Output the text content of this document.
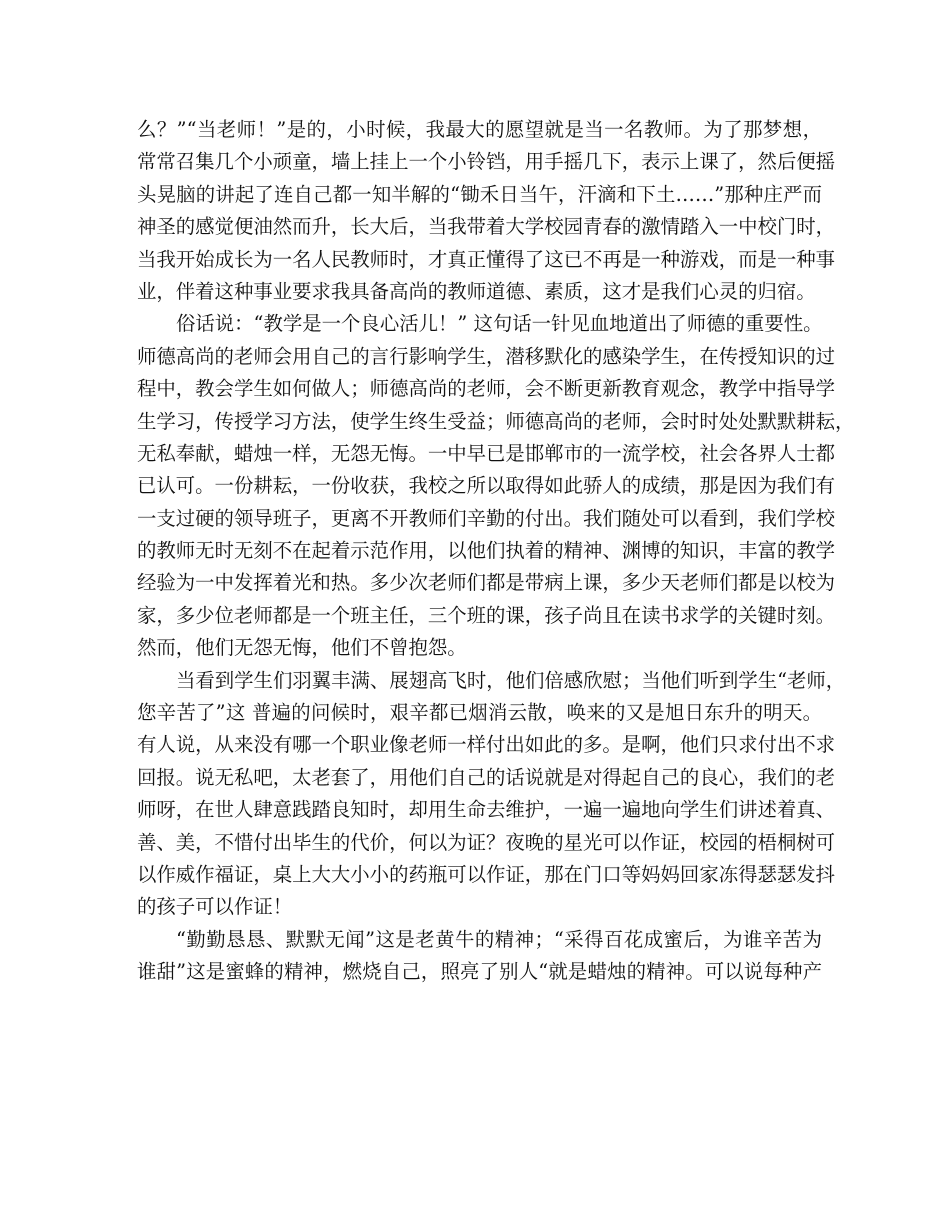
么？”“当老师！”是的，小时候，我最大的愿望就是当一名教师。为了那梦想，
常常召集几个小顽童，墙上挂上一个小铃铛，用手摇几下，表示上课了，然后便摇
头晃脑的讲起了连自己都一知半解的“锄禾日当午，汗滴和下土……”那种庄严而
神圣的感觉便油然而升，长大后，当我带着大学校园青春的激情踏入一中校门时，
当我开始成长为一名人民教师时，才真正懂得了这已不再是一种游戏，而是一种事
业，伴着这种事业要求我具备高尚的教师道德、素质，这才是我们心灵的归宿。
俗话说：“教学是一个良心活儿！” 这句话一针见血地道出了师德的重要性。
师德高尚的老师会用自己的言行影响学生，潜移默化的感染学生，在传授知识的过
程中，教会学生如何做人；师德高尚的老师，会不断更新教育观念，教学中指导学
生学习，传授学习方法，使学生终生受益；师德高尚的老师，会时时处处默默耕耘，
无私奉献，蜡烛一样，无怨无悔。一中早已是邯郸市的一流学校，社会各界人士都
已认可。一份耕耘，一份收获，我校之所以取得如此骄人的成绩，那是因为我们有
一支过硬的领导班子，更离不开教师们辛勤的付出。我们随处可以看到，我们学校
的教师无时无刻不在起着示范作用，以他们执着的精神、渊博的知识，丰富的教学
经验为一中发挥着光和热。多少次老师们都是带病上课，多少天老师们都是以校为
家，多少位老师都是一个班主任，三个班的课，孩子尚且在读书求学的关键时刻。
然而，他们无怨无悔，他们不曾抱怨。
当看到学生们羽翼丰满、展翅高飞时，他们倍感欣慰；当他们听到学生“老师，
您辛苦了”这 普遍的问候时，艰辛都已烟消云散，唤来的又是旭日东升的明天。
有人说，从来没有哪一个职业像老师一样付出如此的多。是啊，他们只求付出不求
回报。说无私吧，太老套了，用他们自己的话说就是对得起自己的良心，我们的老
师呀，在世人肆意践踏良知时，却用生命去维护，一遍一遍地向学生们讲述着真、
善、美，不惜付出毕生的代价，何以为证？夜晚的星光可以作证，校园的梧桐树可
以作威作福证，桌上大大小小的药瓶可以作证，那在门口等妈妈回家冻得瑟瑟发抖
的孩子可以作证！
“勤勤恳恳、默默无闻”这是老黄牛的精神；“采得百花成蜜后，为谁辛苦为
谁甜”这是蜜蜂的精神，燃烧自己，照亮了别人“就是蜡烛的精神。可以说每种产
